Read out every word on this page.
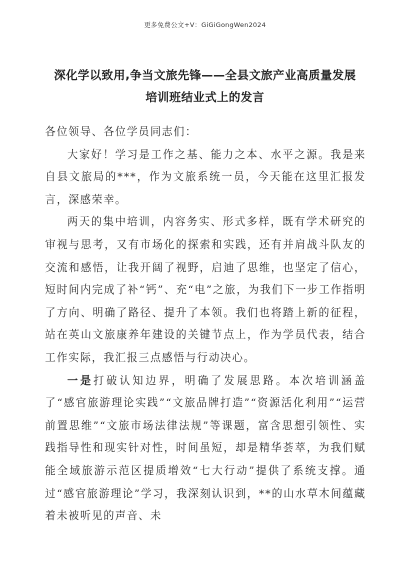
更多免费公文+V：GiGiGongWen2024
深化学以致用,争当文旅先锋——全县文旅产业高质量发展
培训班结业式上的发言

各位领导、各位学员同志们：

大家好！学习是工作之基、能力之本、水平之源。我是来自县文旅局的***，作为文旅系统一员，今天能在这里汇报发言，深感荣幸。

两天的集中培训，内容务实、形式多样，既有学术研究的审视与思考，又有市场化的探索和实践，还有并肩战斗队友的交流和感悟，让我开阔了视野，启迪了思维，也坚定了信心，短时间内完成了补“钙”、充“电”之旅，为我们下一步工作指明了方向、明确了路径、提升了本领。我们也将踏上新的征程，站在英山文旅康养年建设的关键节点上，作为学员代表，结合工作实际，我汇报三点感悟与行动决心。

一是打破认知边界，明确了发展思路。本次培训涵盖了“感官旅游理论实践”“文旅品牌打造”“资源活化利用”“运营前置思维”“文旅市场法律法规”等课题，富含思想引领性、实践指导性和现实针对性，时间虽短，却是精华荟萃，为我们赋能全域旅游示范区提质增效“七大行动”提供了系统支撑。通过“感官旅游理论”学习，我深刻认识到，**的山水草木间蕴藏着未被听见的声音、未
